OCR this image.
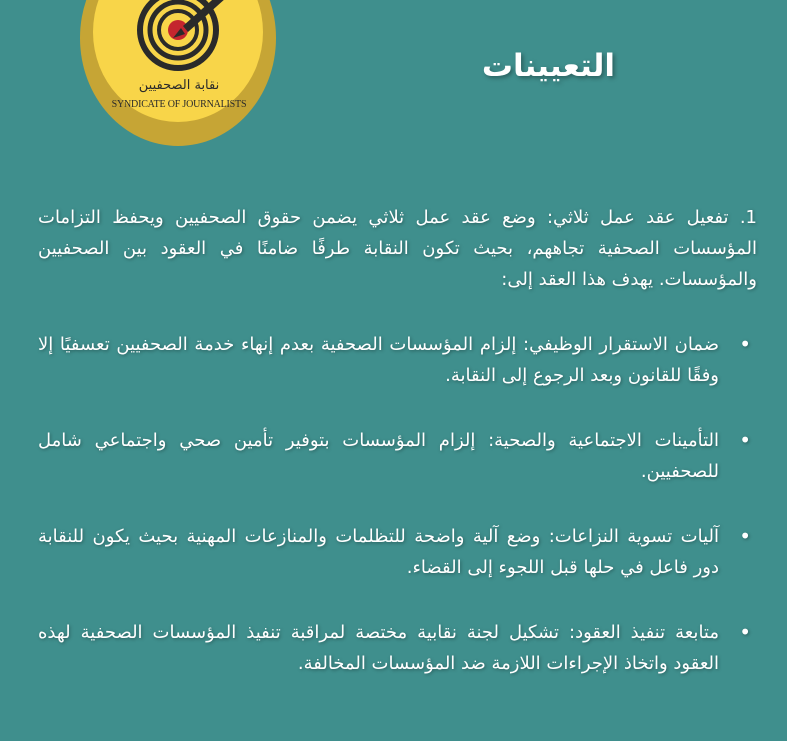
نقابة الصحفيين
SYNDICATE OF JOURNALISTS
التعيينات

1. تفعيل عقد عمل ثلاثي: وضع عقد عمل ثلاثي يضمن حقوق الصحفيين ويحفظ التزامات المؤسسات الصحفية تجاههم، بحيث تكون النقابة طرفًا ضامنًا في العقود بين الصحفيين والمؤسسات. يهدف هذا العقد إلى:

• ضمان الاستقرار الوظيفي: إلزام المؤسسات الصحفية بعدم إنهاء خدمة الصحفيين تعسفيًا إلا وفقًا للقانون وبعد الرجوع إلى النقابة.
• التأمينات الاجتماعية والصحية: إلزام المؤسسات بتوفير تأمين صحي واجتماعي شامل للصحفيين.
• آليات تسوية النزاعات: وضع آلية واضحة للتظلمات والمنازعات المهنية بحيث يكون للنقابة دور فاعل في حلها قبل اللجوء إلى القضاء.
• متابعة تنفيذ العقود: تشكيل لجنة نقابية مختصة لمراقبة تنفيذ المؤسسات الصحفية لهذه العقود واتخاذ الإجراءات اللازمة ضد المؤسسات المخالفة.
